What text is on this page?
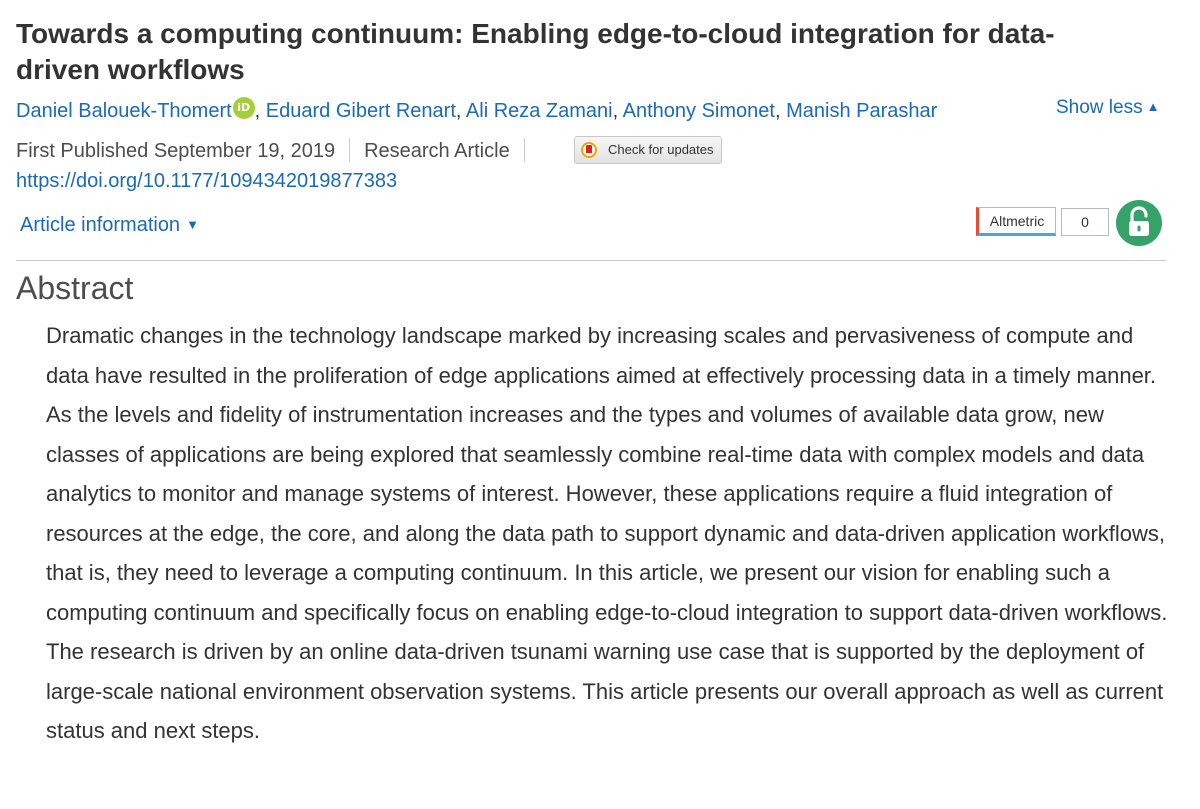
Towards a computing continuum: Enabling edge-to-cloud integration for data-driven workflows
Daniel Balouek-Thomert iD , Eduard Gibert Renart, Ali Reza Zamani, Anthony Simonet, Manish Parashar	Show less ▲
First Published September 19, 2019 Research Article	Check for updates
https://doi.org/10.1177/1094342019877383
Article information ▼	Altmetric	0
Abstract

Dramatic changes in the technology landscape marked by increasing scales and pervasiveness of compute and data have resulted in the proliferation of edge applications aimed at effectively processing data in a timely manner. As the levels and fidelity of instrumentation increases and the types and volumes of available data grow, new classes of applications are being explored that seamlessly combine real-time data with complex models and data analytics to monitor and manage systems of interest. However, these applications require a fluid integration of resources at the edge, the core, and along the data path to support dynamic and data-driven application workflows, that is, they need to leverage a computing continuum. In this article, we present our vision for enabling such a computing continuum and specifically focus on enabling edge-to-cloud integration to support data-driven workflows. The research is driven by an online data-driven tsunami warning use case that is supported by the deployment of large-scale national environment observation systems. This article presents our overall approach as well as current status and next steps.
